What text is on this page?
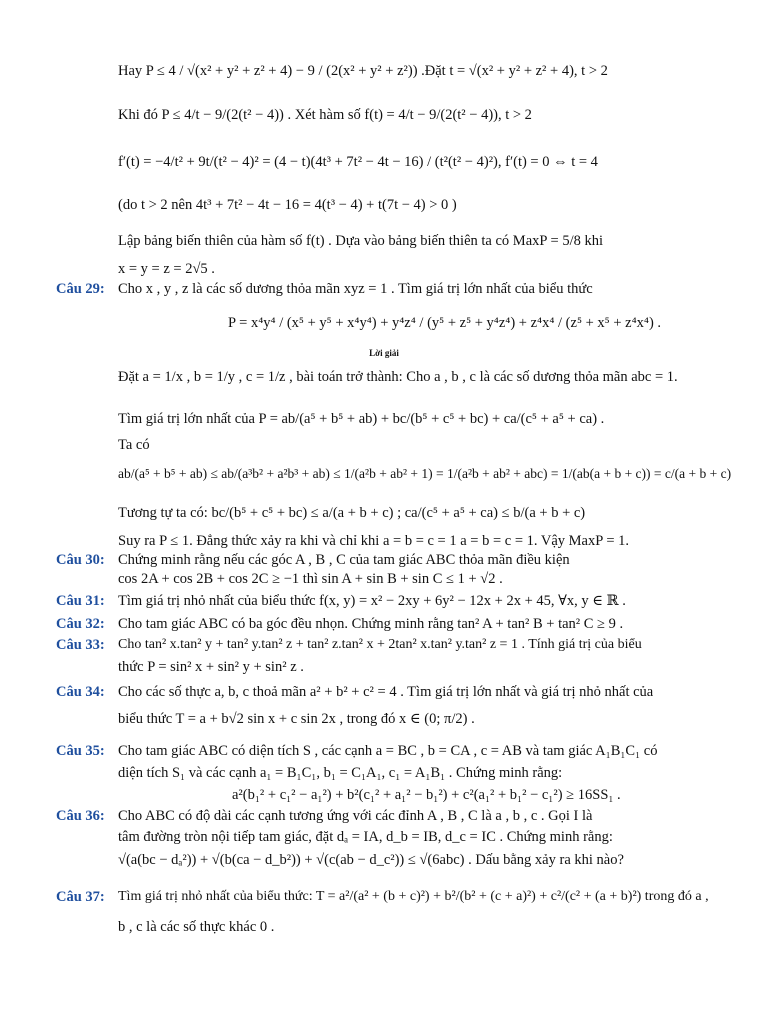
Hay P ≤ 4 / √(x² + y² + z² + 4) − 9 / (2(x² + y² + z²)) .Đặt t = √(x² + y² + z² + 4), t > 2
Khi đó P ≤ 4/t − 9/(2(t² − 4)) . Xét hàm số f(t) = 4/t − 9/(2(t² − 4)), t > 2
f′(t) = −4/t² + 9t/(t² − 4)² = (4 − t)(4t³ + 7t² − 4t − 16) / (t²(t² − 4)²), f′(t) = 0 ⇔ t = 4
(do t > 2 nên 4t³ + 7t² − 4t − 16 = 4(t³ − 4) + t(7t − 4) > 0 )
Lập bảng biến thiên của hàm số f(t) . Dựa vào bảng biến thiên ta có MaxP = 5/8 khi
x = y = z = 2√5 .
Câu 29: Cho x , y , z là các số dương thỏa mãn xyz = 1 . Tìm giá trị lớn nhất của biểu thức
P = x⁴y⁴ / (x⁵ + y⁵ + x⁴y⁴) + y⁴z⁴ / (y⁵ + z⁵ + y⁴z⁴) + z⁴x⁴ / (z⁵ + x⁵ + z⁴x⁴) .
Lời giải
Đặt a = 1/x , b = 1/y , c = 1/z , bài toán trở thành: Cho a , b , c là các số dương thỏa mãn abc = 1.
Tìm giá trị lớn nhất của P = ab/(a⁵ + b⁵ + ab) + bc/(b⁵ + c⁵ + bc) + ca/(c⁵ + a⁵ + ca) .
Ta có
ab/(a⁵ + b⁵ + ab) ≤ ab/(a³b² + a²b³ + ab) ≤ 1/(a²b + ab² + 1) = 1/(a²b + ab² + abc) = 1/(ab(a + b + c)) = c/(a + b + c)
Tương tự ta có: bc/(b⁵ + c⁵ + bc) ≤ a/(a + b + c) ; ca/(c⁵ + a⁵ + ca) ≤ b/(a + b + c)
Suy ra P ≤ 1. Đẳng thức xảy ra khi và chỉ khi a = b = c = 1 a = b = c = 1. Vậy MaxP = 1.
Câu 30: Chứng minh rằng nếu các góc A , B , C của tam giác ABC thỏa mãn điều kiện
cos 2A + cos 2B + cos 2C ≥ −1 thì sin A + sin B + sin C ≤ 1 + √2 .
Câu 31: Tìm giá trị nhỏ nhất của biểu thức f(x, y) = x² − 2xy + 6y² − 12x + 2x + 45, ∀x, y ∈ ℝ .
Câu 32: Cho tam giác ABC có ba góc đều nhọn. Chứng minh rằng tan² A + tan² B + tan² C ≥ 9 .
Câu 33: Cho tan² x.tan² y + tan² y.tan² z + tan² z.tan² x + 2tan² x.tan² y.tan² z = 1 . Tính giá trị của biểu
thức P = sin² x + sin² y + sin² z .
Câu 34: Cho các số thực a, b, c thoả mãn a² + b² + c² = 4 . Tìm giá trị lớn nhất và giá trị nhỏ nhất của
biểu thức T = a + b√2 sin x + c sin 2x , trong đó x ∈ (0; π/2) .
Câu 35: Cho tam giác ABC có diện tích S , các cạnh a = BC , b = CA , c = AB và tam giác A₁B₁C₁ có
diện tích S₁ và các cạnh a₁ = B₁C₁, b₁ = C₁A₁, c₁ = A₁B₁ . Chứng minh rằng:
a²(b₁² + c₁² − a₁²) + b²(c₁² + a₁² − b₁²) + c²(a₁² + b₁² − c₁²) ≥ 16SS₁ .
Câu 36: Cho ABC có độ dài các cạnh tương ứng với các đỉnh A , B , C là a , b , c . Gọi I là
tâm đường tròn nội tiếp tam giác, đặt dₐ = IA, d_b = IB, d_c = IC . Chứng minh rằng:
√(a(bc − dₐ²)) + √(b(ca − d_b²)) + √(c(ab − d_c²)) ≤ √(6abc) . Dấu bằng xảy ra khi nào?
Câu 37: Tìm giá trị nhỏ nhất của biểu thức: T = a²/(a² + (b + c)²) + b²/(b² + (c + a)²) + c²/(c² + (a + b)²) trong đó a ,
b , c là các số thực khác 0 .
